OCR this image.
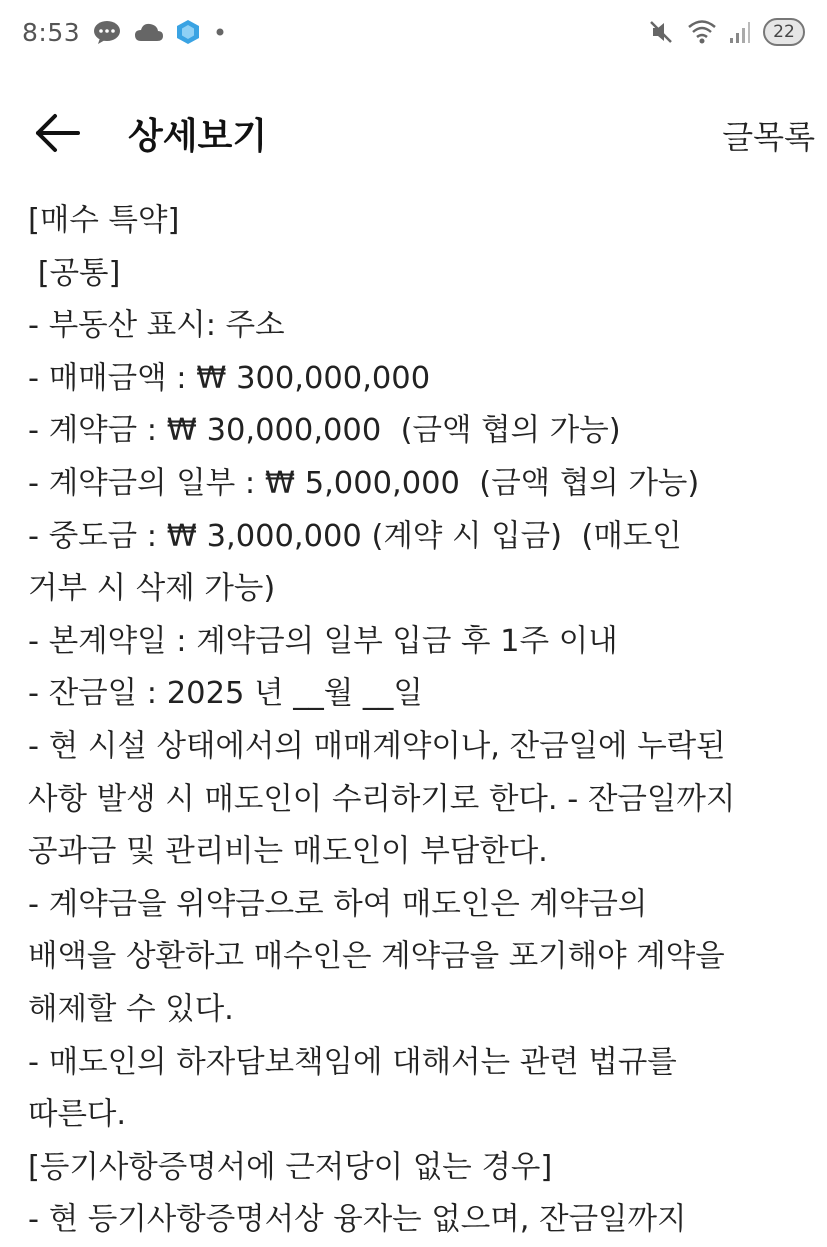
8:53	22
상세보기	글목록
[매수 특약]
[공통]
- 부동산 표시: 주소
- 매매금액 : ₩ 300,000,000
- 계약금 : ₩ 30,000,000  (금액 협의 가능)
- 계약금의 일부 : ₩ 5,000,000  (금액 협의 가능)
- 중도금 : ₩ 3,000,000 (계약 시 입금)  (매도인
거부 시 삭제 가능)
- 본계약일 : 계약금의 일부 입금 후 1주 이내
- 잔금일 : 2025 년 __월 __일
- 현 시설 상태에서의 매매계약이나, 잔금일에 누락된
사항 발생 시 매도인이 수리하기로 한다. - 잔금일까지
공과금 및 관리비는 매도인이 부담한다.
- 계약금을 위약금으로 하여 매도인은 계약금의
배액을 상환하고 매수인은 계약금을 포기해야 계약을
해제할 수 있다.
- 매도인의 하자담보책임에 대해서는 관련 법규를
따른다.
[등기사항증명서에 근저당이 없는 경우]
- 현 등기사항증명서상 융자는 없으며, 잔금일까지
